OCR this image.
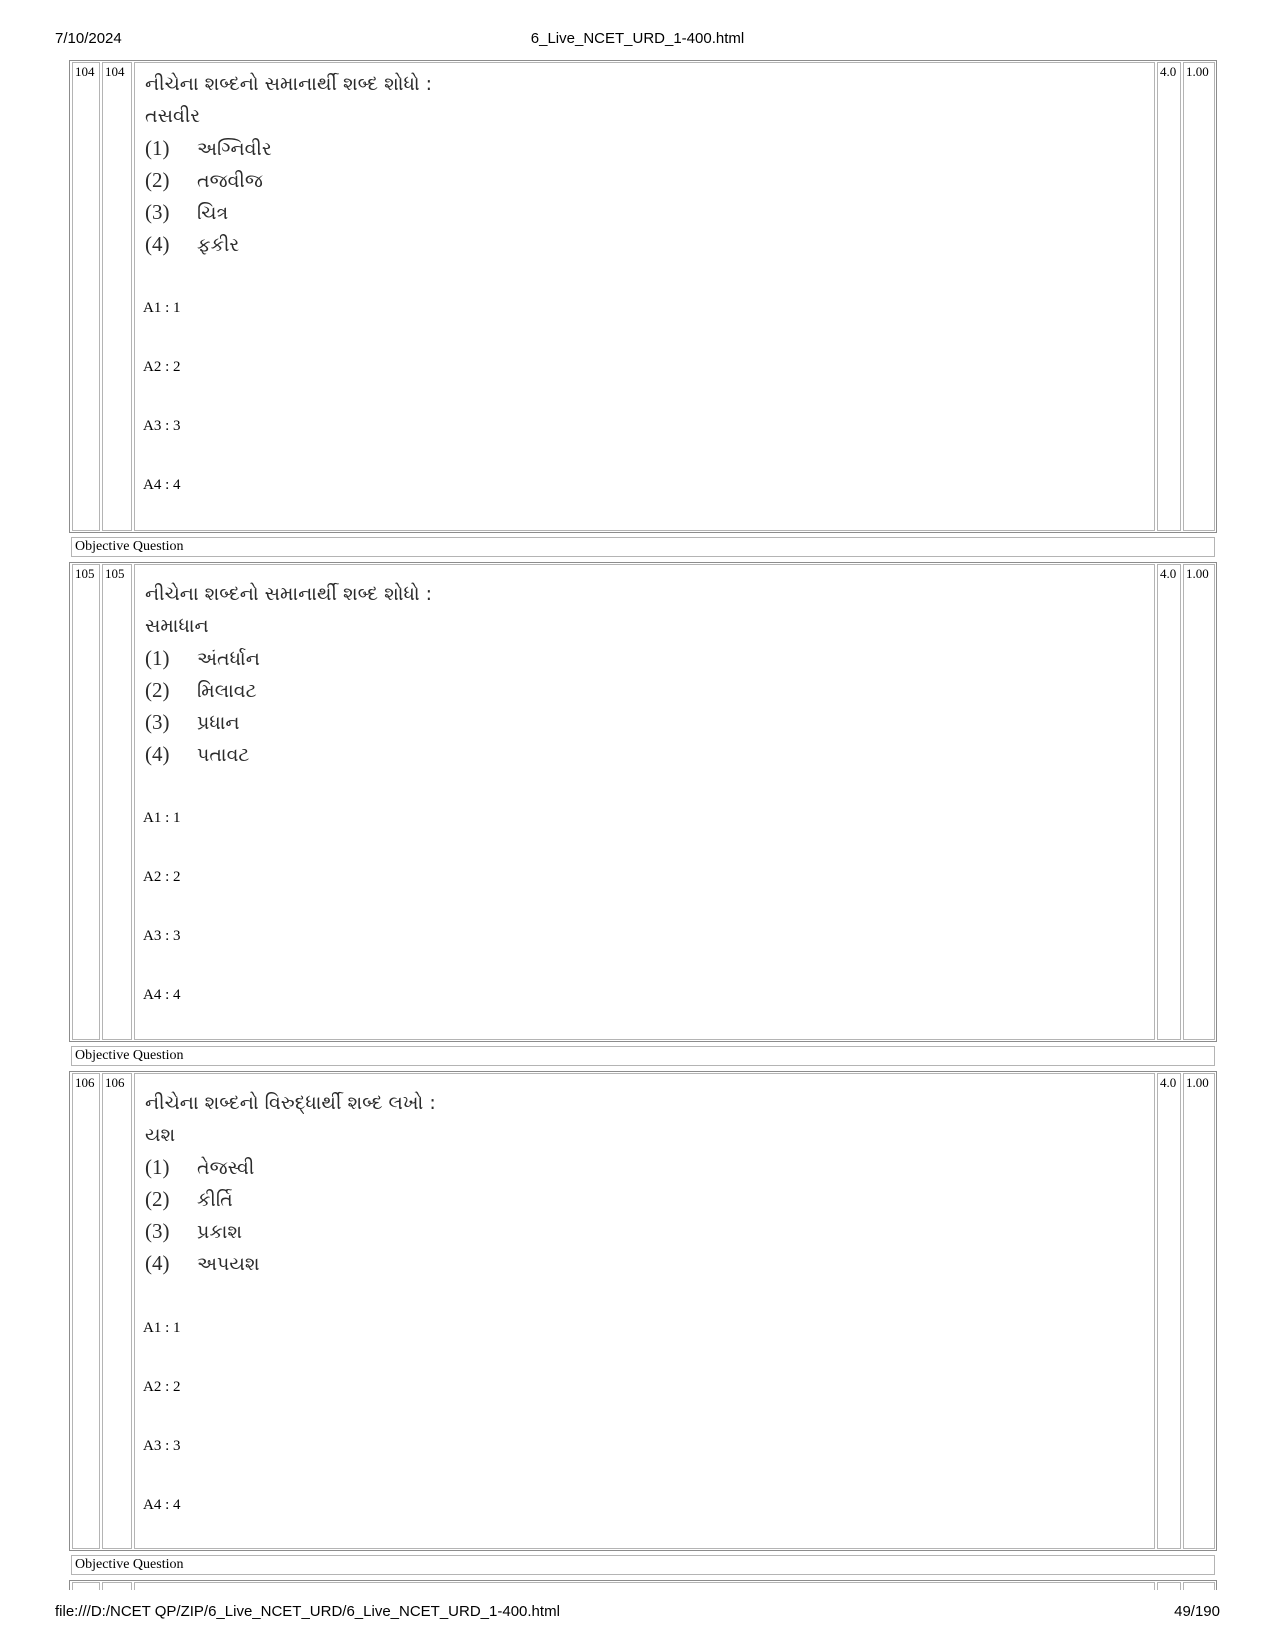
7/10/2024	6_Live_NCET_URD_1-400.html
104 104	4.0 1.00
નીચેના શબ્દનો સમાનાર્થી શબ્દ શોધો :
તસવીર
(1) અગ્નિવીર
(2) તજવીજ
(3) ચિત્ર
(4) ફકીર
A1 : 1
A2 : 2
A3 : 3
A4 : 4
Objective Question
105 105	4.0 1.00
નીચેના શબ્દનો સમાનાર્થી શબ્દ શોધો :
સમાધાન
(1) અંતર્ધાન
(2) મિલાવટ
(3) પ્રધાન
(4) પતાવટ
A1 : 1
A2 : 2
A3 : 3
A4 : 4
Objective Question
106 106	4.0 1.00
નીચેના શબ્દનો વિરુદ્ધાર્થી શબ્દ લખો :
યશ
(1) તેજસ્વી
(2) કીર્તિ
(3) પ્રકાશ
(4) અપયશ
A1 : 1
A2 : 2
A3 : 3
A4 : 4
Objective Question
file:///D:/NCET QP/ZIP/6_Live_NCET_URD/6_Live_NCET_URD_1-400.html	49/190
